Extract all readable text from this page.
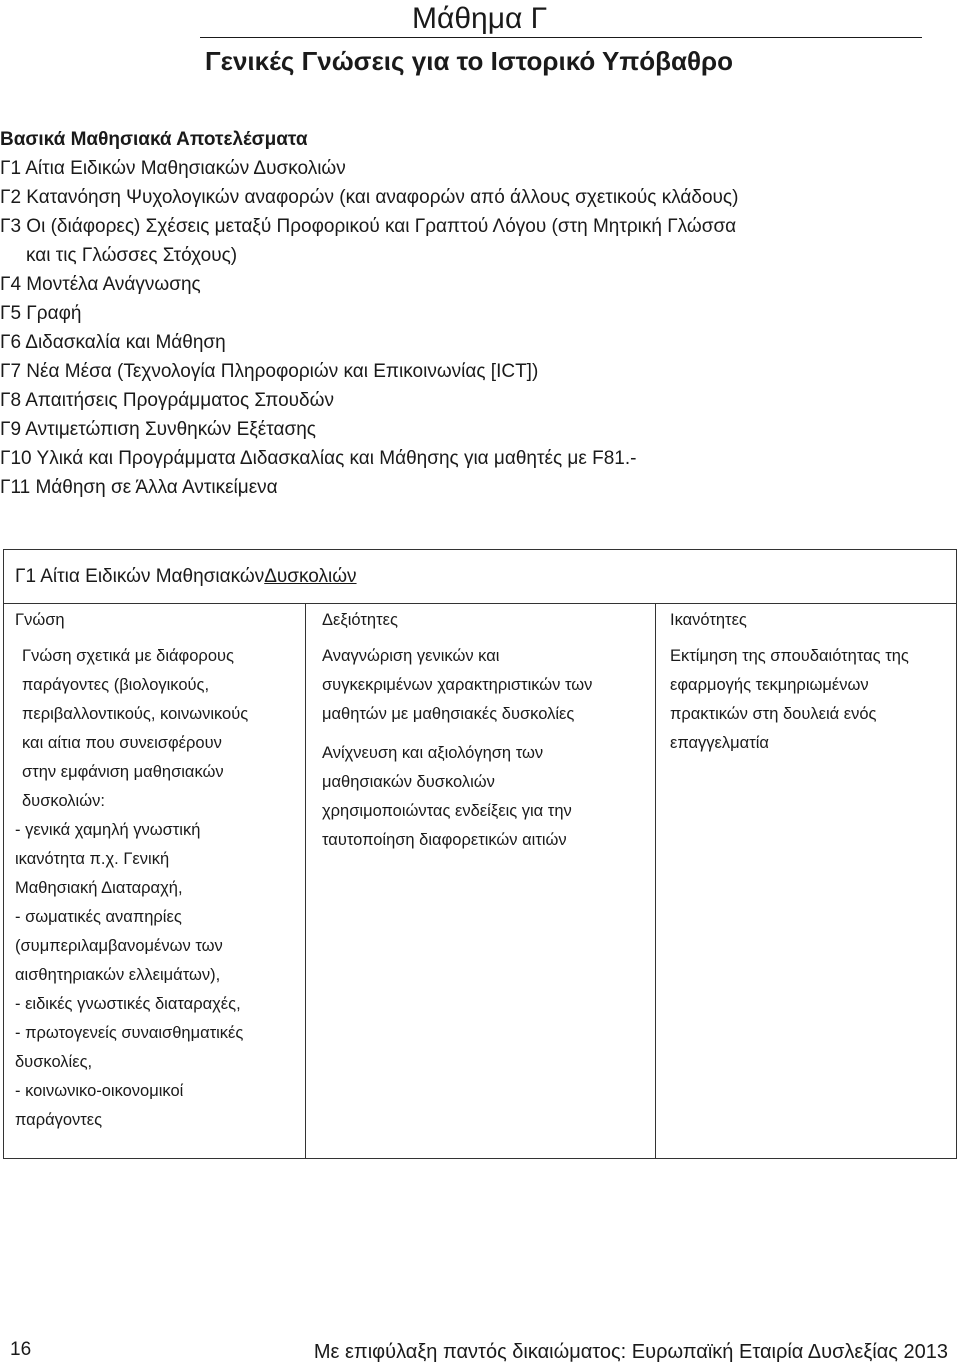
Μάθημα Γ
Γενικές Γνώσεις για το Ιστορικό Υπόβαθρο

Βασικά Μαθησιακά Αποτελέσματα

Γ1 Αίτια Ειδικών Μαθησιακών Δυσκολιών
Γ2 Κατανόηση Ψυχολογικών αναφορών (και αναφορών από άλλους σχετικούς κλάδους)
Γ3 Οι (διάφορες) Σχέσεις μεταξύ Προφορικού και Γραπτού Λόγου (στη Μητρική Γλώσσα
και τις Γλώσσες Στόχους)
Γ4 Μοντέλα Ανάγνωσης
Γ5 Γραφή
Γ6 Διδασκαλία και Μάθηση
Γ7 Νέα Μέσα (Τεχνολογία Πληροφοριών και Επικοινωνίας [ICT])
Γ8 Απαιτήσεις Προγράμματος Σπουδών
Γ9 Αντιμετώπιση Συνθηκών Εξέτασης
Γ10 Υλικά και Προγράμματα Διδασκαλίας και Μάθησης για μαθητές με F81.-
Γ11 Μάθηση σε Άλλα Αντικείμενα
Γ1 Αίτια Ειδικών Μαθησιακών Δυσκολιών
Γνώση
Γνώση σχετικά με διάφορους
παράγοντες (βιολογικούς,
περιβαλλοντικούς, κοινωνικούς
και αίτια που συνεισφέρουν
στην εμφάνιση μαθησιακών
δυσκολιών:
- γενικά χαμηλή γνωστική
ικανότητα π.χ. Γενική
Μαθησιακή Διαταραχή,
- σωματικές αναπηρίες
(συμπεριλαμβανομένων των
αισθητηριακών ελλειμάτων),
- ειδικές γνωστικές διαταραχές,
- πρωτογενείς συναισθηματικές
δυσκολίες,
- κοινωνικο-οικονομικοί
παράγοντες
Δεξιότητες

Αναγνώριση γενικών και
συγκεκριμένων χαρακτηριστικών των
μαθητών με μαθησιακές δυσκολίες

Ανίχνευση και αξιολόγηση των
μαθησιακών δυσκολιών
χρησιμοποιώντας ενδείξεις για την
ταυτοποίηση διαφορετικών αιτιών

Ικανότητες

Εκτίμηση της σπουδαιότητας της
εφαρμογής τεκμηριωμένων
πρακτικών στη δουλειά ενός
επαγγελματία

16	Με επιφύλαξη παντός δικαιώματος: Ευρωπαϊκή Εταιρία Δυσλεξίας 2013
